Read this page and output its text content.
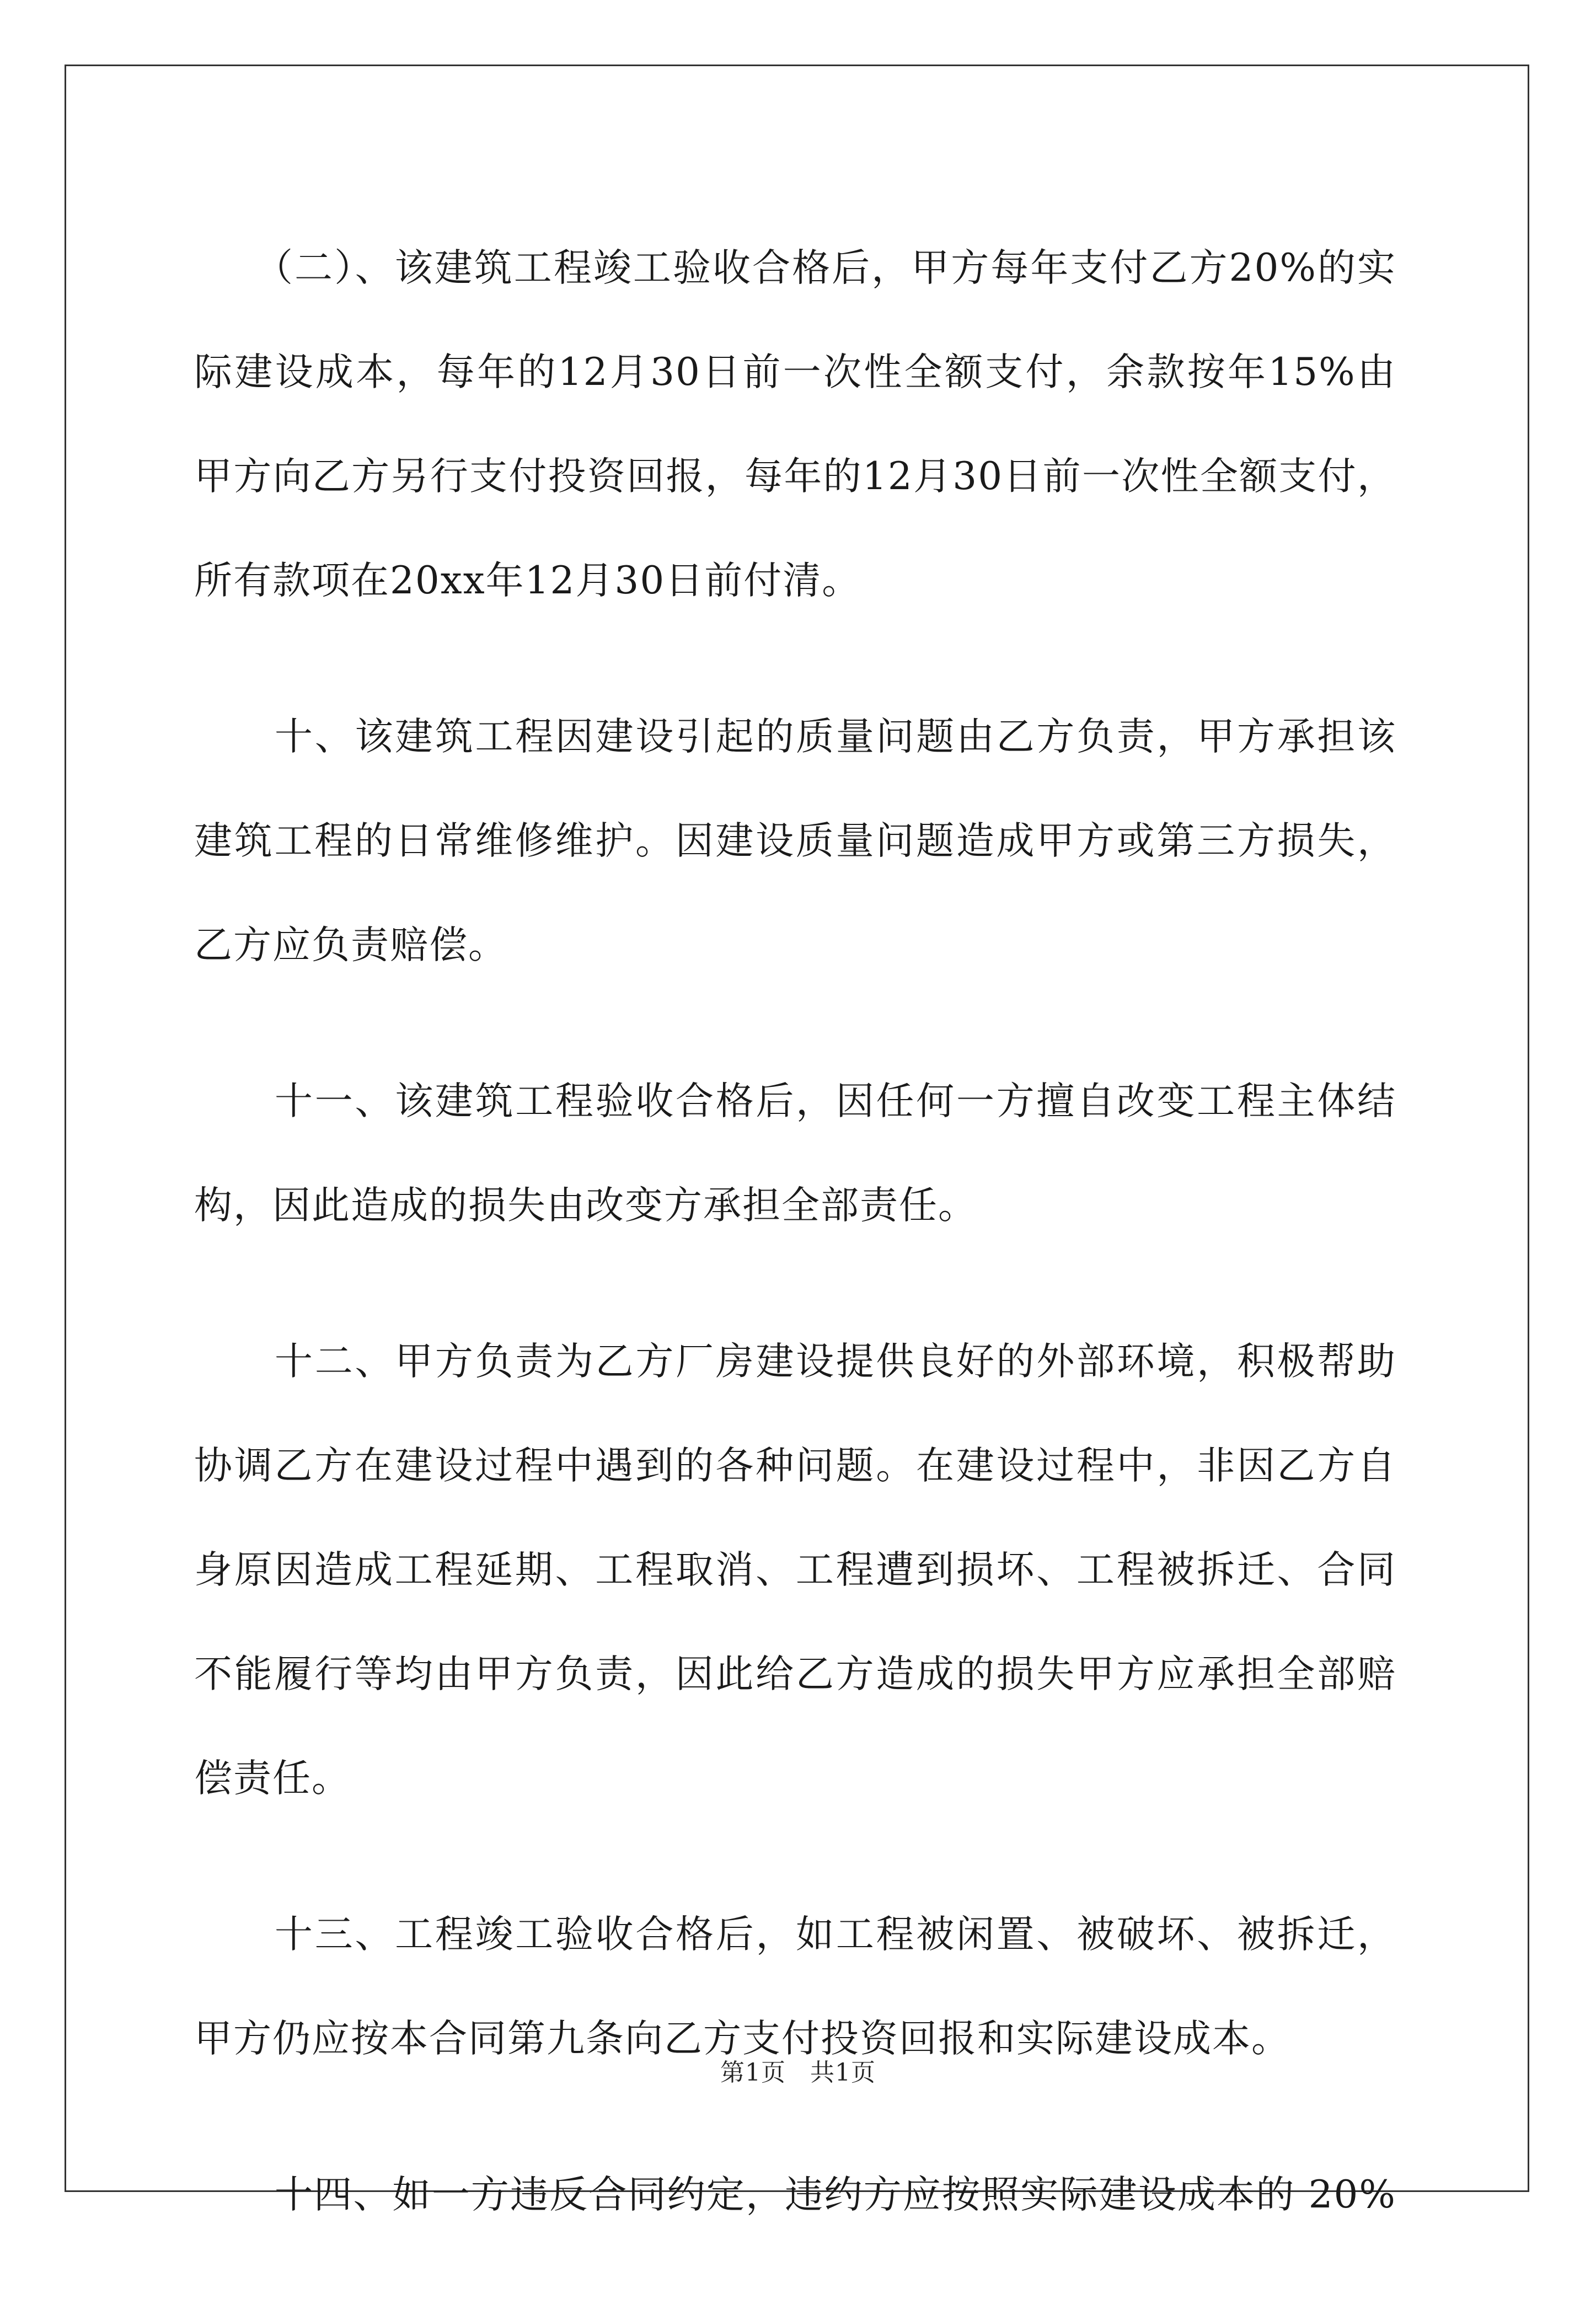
（二）、该建筑工程竣工验收合格后，甲方每年支付乙方20%的实
际建设成本，每年的12月30日前一次性全额支付，余款按年15%由
甲方向乙方另行支付投资回报，每年的12月30日前一次性全额支付，
所有款项在20xx年12月30日前付清。

十、该建筑工程因建设引起的质量问题由乙方负责，甲方承担该
建筑工程的日常维修维护。因建设质量问题造成甲方或第三方损失，
乙方应负责赔偿。

十一、该建筑工程验收合格后，因任何一方擅自改变工程主体结
构，因此造成的损失由改变方承担全部责任。

十二、甲方负责为乙方厂房建设提供良好的外部环境，积极帮助
协调乙方在建设过程中遇到的各种问题。在建设过程中，非因乙方自
身原因造成工程延期、工程取消、工程遭到损坏、工程被拆迁、合同
不能履行等均由甲方负责，因此给乙方造成的损失甲方应承担全部赔
偿责任。

十三、工程竣工验收合格后，如工程被闲置、被破坏、被拆迁，
甲方仍应按本合同第九条向乙方支付投资回报和实际建设成本。

十四、如一方违反合同约定，违约方应按照实际建设成本的 20%

第1页 共1页
